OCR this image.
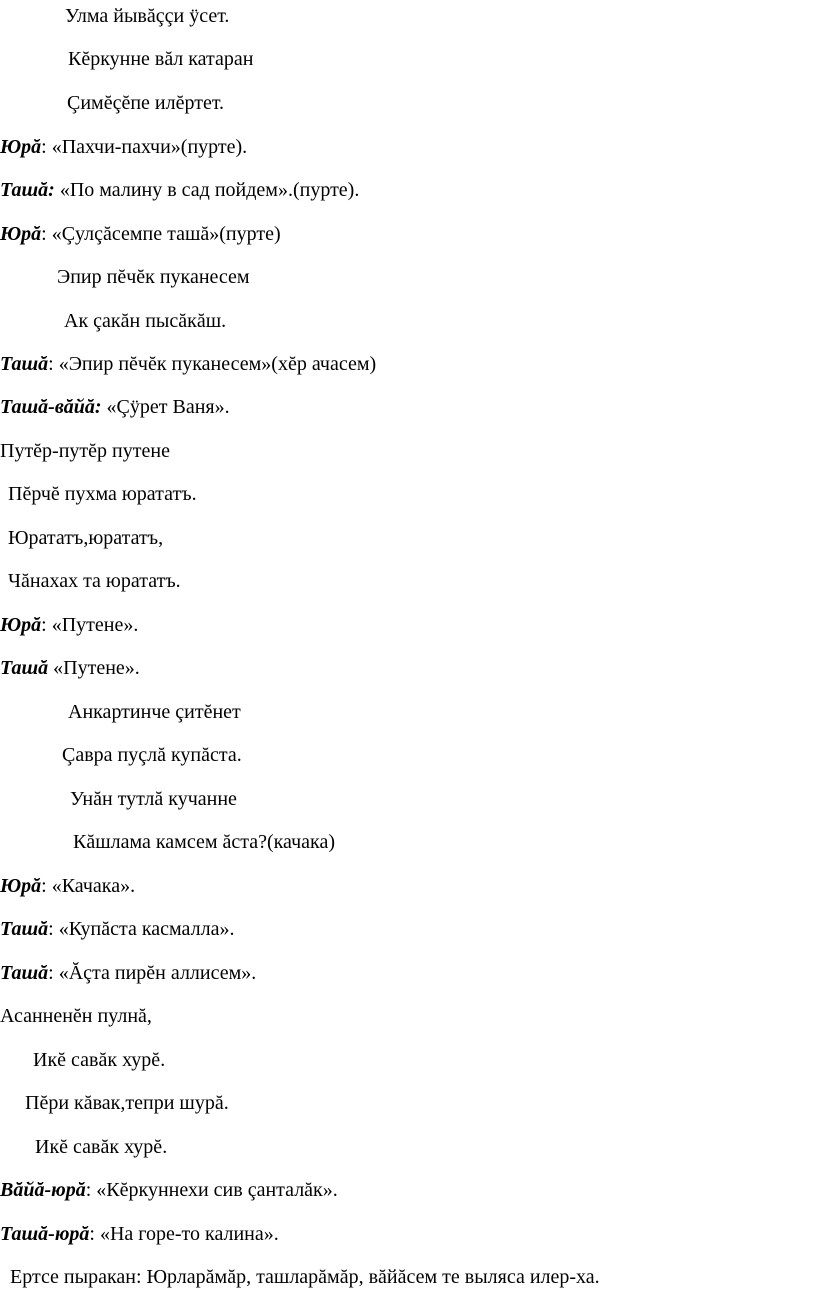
Улма йывăççи ÿсет.
Кĕркунне вăл катаран
Çимĕçĕпе илĕртет.
Юрă: «Пахчи-пахчи»(пурте).
Ташă: «По малину в сад пойдем».(пурте).
Юрă: «Çулçăсемпе ташă»(пурте)
Эпир пĕчĕк пуканесем
Ак çакăн пысăкăш.
Ташă: «Эпир пĕчĕк пуканесем»(хĕр ачасем)
Ташă-вăйă: «Çÿрет Ваня».
Путĕр-путĕр путене
Пĕрчĕ пухма юрататъ.
Юрататъ,юрататъ,
Чăнахах та юрататъ.
Юрă: «Путене».
Ташă «Путене».
Анкартинче çитĕнет
Çавра пуçлă купăста.
Унăн тутлă кучанне
Кăшлама камсем ăста?(качака)
Юрă: «Качака».
Ташă: «Купăста касмалла».
Ташă: «Ăçта пирĕн аллисем».
Асанненĕн пулнă,
Икĕ савăк хурĕ.
Пĕри кăвак,тепри шурă.
Икĕ савăк хурĕ.
Вăйă-юрă: «Кĕркуннехи сив çанталăк».
Ташă-юрă: «На горе-то калина».
Ертсе пыракан: Юрларăмăр, ташларăмăр, вăйăсем те выляса илер-ха.
